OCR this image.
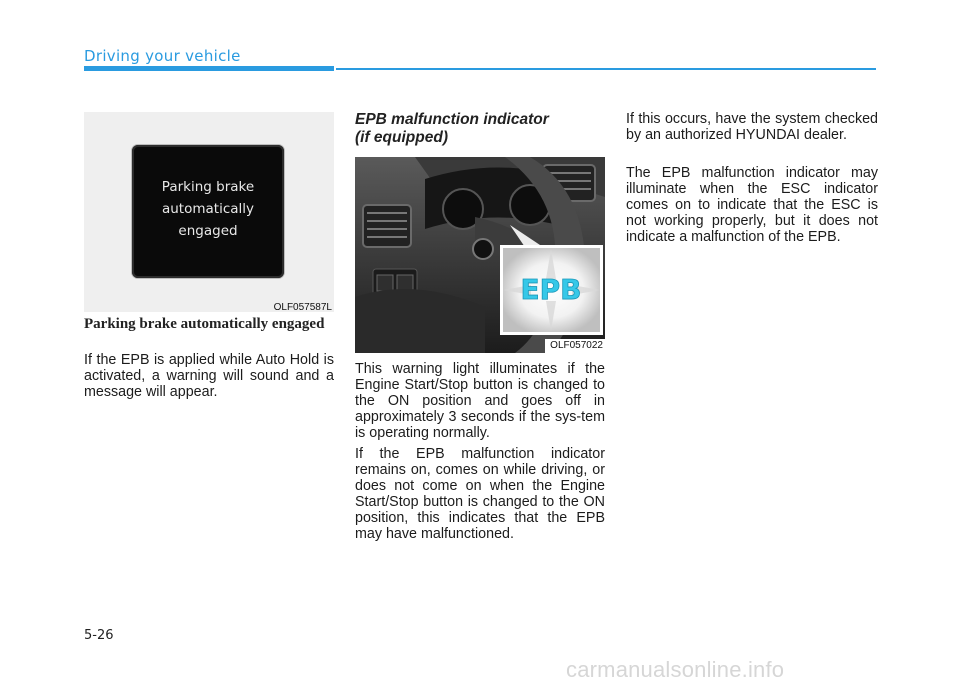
Driving your vehicle
Parking brake
automatically
engaged
OLF057587L
Parking brake automatically engaged
If the EPB is applied while Auto Hold is activated, a warning will sound and a message will appear.
EPB malfunction indicator
(if equipped)
EPB
OLF057022
This warning light illuminates if the Engine Start/Stop button is changed to the ON position and goes off in approximately 3 seconds if the sys-tem is operating normally.
If the EPB malfunction indicator remains on, comes on while driving, or does not come on when the Engine Start/Stop button is changed to the ON position, this indicates that the EPB may have malfunctioned.
If this occurs, have the system checked by an authorized HYUNDAI dealer.
The EPB malfunction indicator may illuminate when the ESC indicator comes on to indicate that the ESC is not working properly, but it does not indicate a malfunction of the EPB.
5-26
carmanualsonline.info
